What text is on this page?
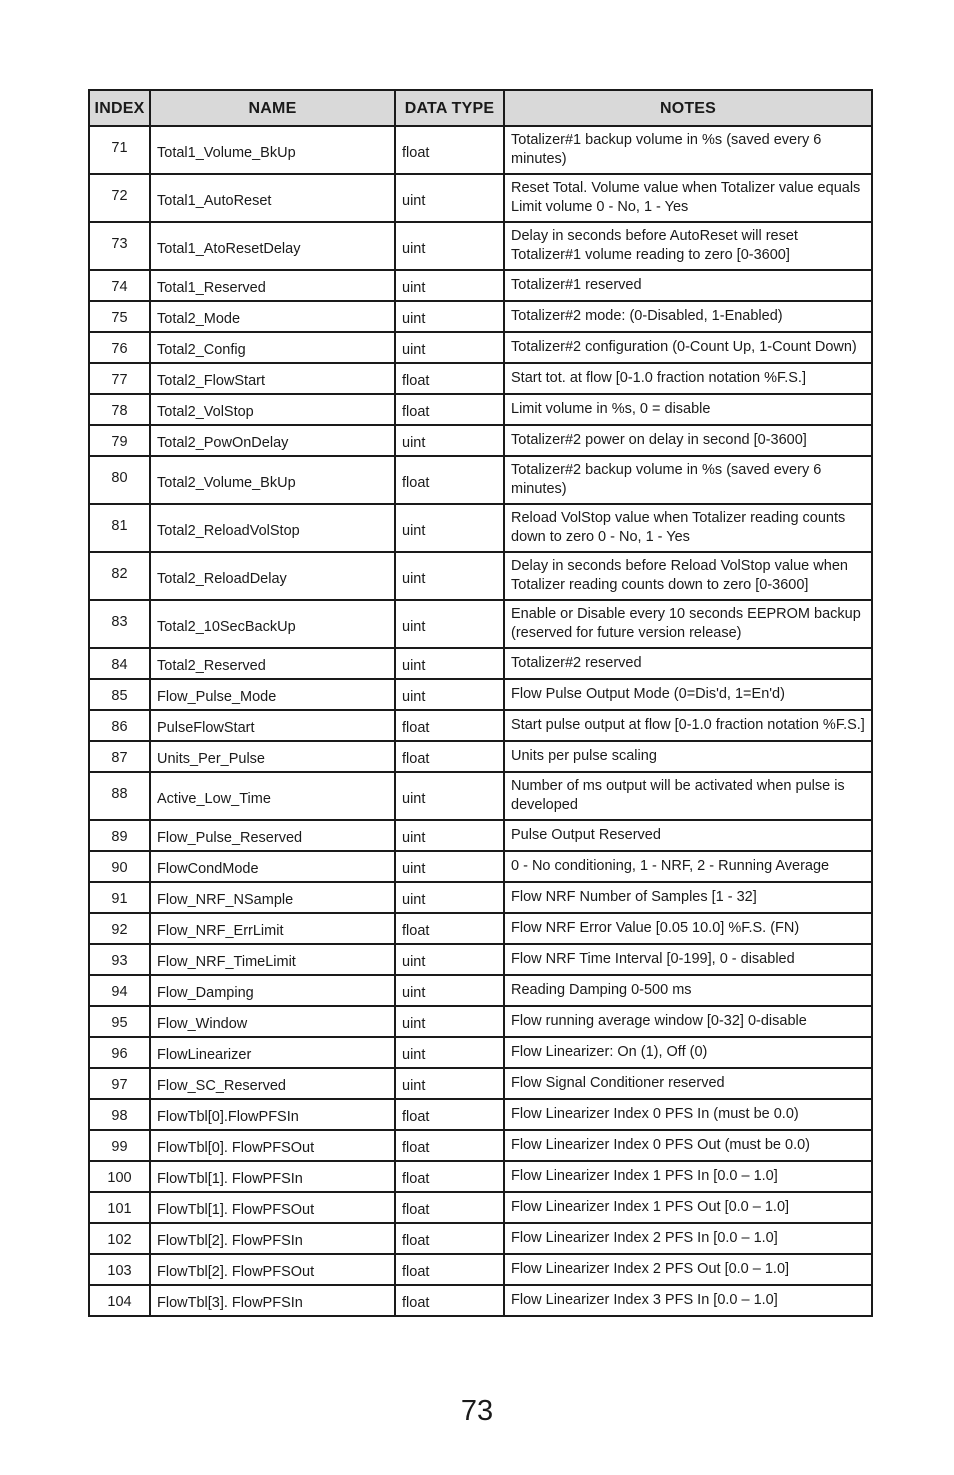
INDEX	NAME	DATA TYPE	NOTES
71	Total1_Volume_BkUp	float	Totalizer#1 backup volume in %s (saved every 6 minutes)
72	Total1_AutoReset	uint	Reset Total. Volume value when Totalizer value equals Limit volume 0 - No, 1 - Yes
73	Total1_AtoResetDelay	uint	Delay in seconds before AutoReset will reset Totalizer#1 volume reading to zero [0-3600]
74	Total1_Reserved	uint	Totalizer#1 reserved
75	Total2_Mode	uint	Totalizer#2 mode: (0-Disabled, 1-Enabled)
76	Total2_Config	uint	Totalizer#2 configuration (0-Count Up, 1-Count Down)
77	Total2_FlowStart	float	Start tot. at flow [0-1.0 fraction notation %F.S.]
78	Total2_VolStop	float	Limit volume in %s, 0 = disable
79	Total2_PowOnDelay	uint	Totalizer#2 power on delay in second [0-3600]
80	Total2_Volume_BkUp	float	Totalizer#2 backup volume in %s (saved every 6 minutes)
81	Total2_ReloadVolStop	uint	Reload VolStop value when Totalizer reading counts down to zero 0 - No, 1 - Yes
82	Total2_ReloadDelay	uint	Delay in seconds before Reload VolStop value when Totalizer reading counts down to zero [0-3600]
83	Total2_10SecBackUp	uint	Enable or Disable every 10 seconds EEPROM backup (reserved for future version release)
84	Total2_Reserved	uint	Totalizer#2 reserved
85	Flow_Pulse_Mode	uint	Flow Pulse Output Mode (0=Dis'd, 1=En'd)
86	PulseFlowStart	float	Start pulse output at flow [0-1.0 fraction notation %F.S.]
87	Units_Per_Pulse	float	Units per pulse scaling
88	Active_Low_Time	uint	Number of ms output will be activated when pulse is developed
89	Flow_Pulse_Reserved	uint	Pulse Output Reserved
90	FlowCondMode	uint	0 - No conditioning, 1 - NRF, 2 - Running Average
91	Flow_NRF_NSample	uint	Flow NRF Number of Samples [1 - 32]
92	Flow_NRF_ErrLimit	float	Flow NRF Error Value [0.05 10.0] %F.S. (FN)
93	Flow_NRF_TimeLimit	uint	Flow NRF Time Interval [0-199], 0 - disabled
94	Flow_Damping	uint	Reading Damping 0-500 ms
95	Flow_Window	uint	Flow running average window [0-32] 0-disable
96	FlowLinearizer	uint	Flow Linearizer: On (1), Off (0)
97	Flow_SC_Reserved	uint	Flow Signal Conditioner reserved
98	FlowTbl[0].FlowPFSIn	float	Flow Linearizer Index 0 PFS In (must be 0.0)
99	FlowTbl[0]. FlowPFSOut	float	Flow Linearizer Index 0 PFS Out (must be 0.0)
100	FlowTbl[1]. FlowPFSIn	float	Flow Linearizer Index 1 PFS In [0.0 – 1.0]
101	FlowTbl[1]. FlowPFSOut	float	Flow Linearizer Index 1 PFS Out [0.0 – 1.0]
102	FlowTbl[2]. FlowPFSIn	float	Flow Linearizer Index 2 PFS In [0.0 – 1.0]
103	FlowTbl[2]. FlowPFSOut	float	Flow Linearizer Index 2 PFS Out [0.0 – 1.0]
104	FlowTbl[3]. FlowPFSIn	float	Flow Linearizer Index 3 PFS In [0.0 – 1.0]
73
